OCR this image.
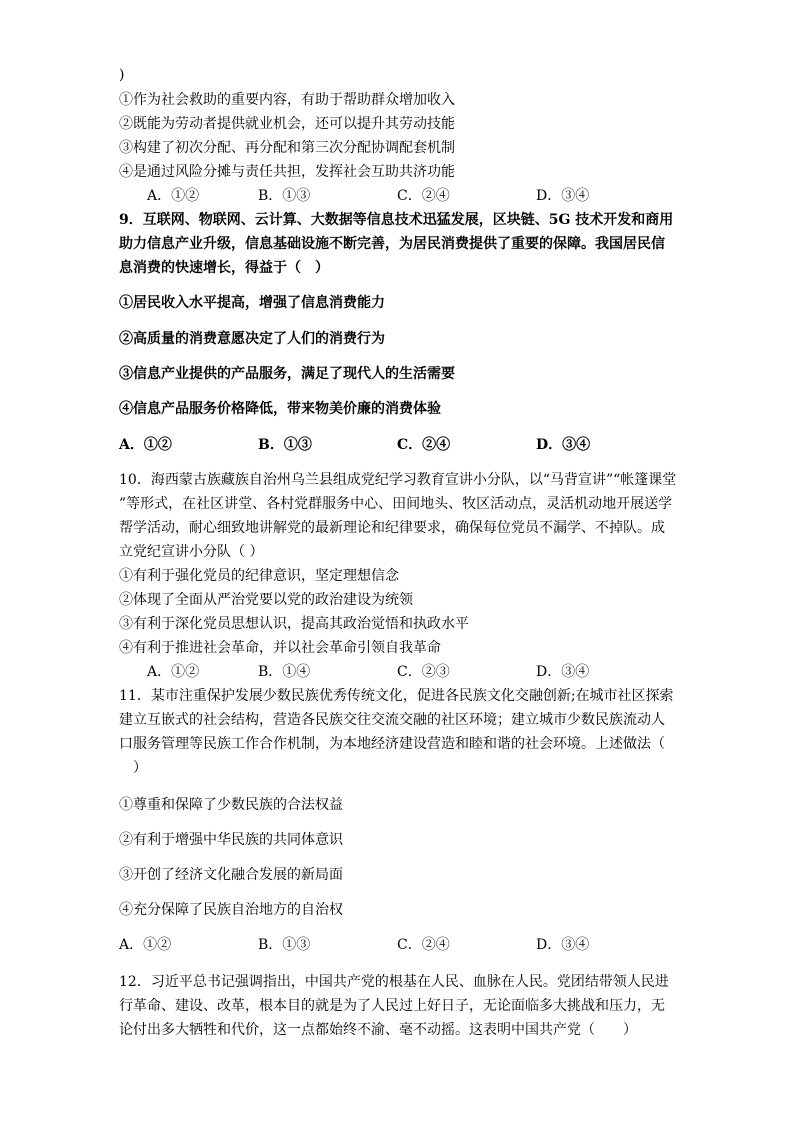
)
①作为社会救助的重要内容，有助于帮助群众增加收入
②既能为劳动者提供就业机会，还可以提升其劳动技能
③构建了初次分配、再分配和第三次分配协调配套机制
④是通过风险分摊与责任共担，发挥社会互助共济功能
A．①②	B．①③	C．②④	D．③④
9．互联网、物联网、云计算、大数据等信息技术迅猛发展，区块链、5G 技术开发和商用
助力信息产业升级，信息基础设施不断完善，为居民消费提供了重要的保障。我国居民信
息消费的快速增长，得益于（　）
①居民收入水平提高，增强了信息消费能力
②高质量的消费意愿决定了人们的消费行为
③信息产业提供的产品服务，满足了现代人的生活需要
④信息产品服务价格降低，带来物美价廉的消费体验
A．①②	B．①③	C．②④	D．③④
10．海西蒙古族藏族自治州乌兰县组成党纪学习教育宣讲小分队，以“马背宣讲”“帐篷课堂
”等形式，在社区讲堂、各村党群服务中心、田间地头、牧区活动点，灵活机动地开展送学
帮学活动，耐心细致地讲解党的最新理论和纪律要求，确保每位党员不漏学、不掉队。成
立党纪宣讲小分队（ ）
①有利于强化党员的纪律意识，坚定理想信念
②体现了全面从严治党要以党的政治建设为统领
③有利于深化党员思想认识，提高其政治觉悟和执政水平
④有利于推进社会革命，并以社会革命引领自我革命
A．①②	B．①④	C．②③	D．③④
11．某市注重保护发展少数民族优秀传统文化，促进各民族文化交融创新;在城市社区探索
建立互嵌式的社会结构，营造各民族交往交流交融的社区环境；建立城市少数民族流动人
口服务管理等民族工作合作机制，为本地经济建设营造和睦和谐的社会环境。上述做法（
　）
①尊重和保障了少数民族的合法权益
②有利于增强中华民族的共同体意识
③开创了经济文化融合发展的新局面
④充分保障了民族自治地方的自治权
A．①②	B．①③	C．②④	D．③④
12．习近平总书记强调指出，中国共产党的根基在人民、血脉在人民。党团结带领人民进
行革命、建设、改革，根本目的就是为了人民过上好日子，无论面临多大挑战和压力，无
论付出多大牺牲和代价，这一点都始终不渝、毫不动摇。这表明中国共产党（　　）
